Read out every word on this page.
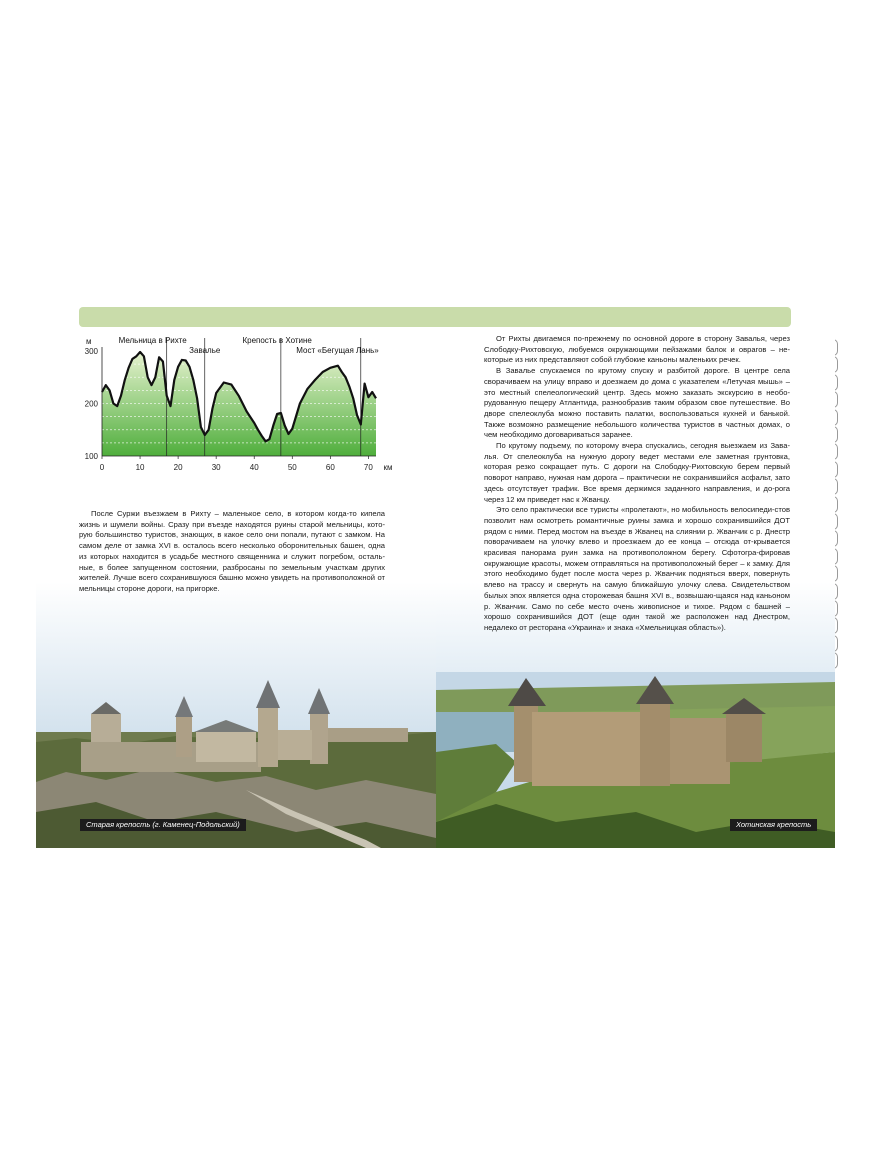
Старая крепость (г. Каменец-Подольский)	Хотинская крепость
100
200
300
м
0	10	20	30	40	50	60	70 км
Мельница в Рихте
Завалье
Крепость в Хотине
Мост «Бегущая Лань»

После Суржи въезжаем в Рихту – маленькое село, в котором когда-то кипела жизнь и шумели войны. Сразу при въезде находятся руины старой мельницы, кото-рую большинство туристов, знающих, в какое село они попали, путают с замком. На самом деле от замка XVI в. осталось всего несколько оборонительных башен, одна из которых находится в усадьбе местного священника и служит погребом, осталь-ные, в более запущенном состоянии, разбросаны по земельным участкам других жителей. Лучше всего сохранившуюся башню можно увидеть на противоположной от мельницы стороне дороги, на пригорке.

От Рихты двигаемся по-прежнему по основной дороге в сторону Завалья, через Слободку-Рихтовскую, любуемся окружающими пейзажами балок и оврагов – не-которые из них представляют собой глубокие каньоны маленьких речек.

В Завалье спускаемся по крутому спуску и разбитой дороге. В центре села сворачиваем на улицу вправо и доезжаем до дома с указателем «Летучая мышь» – это местный спелеологический центр. Здесь можно заказать экскурсию в необо-рудованную пещеру Атлантида, разнообразив таким образом свое путешествие. Во дворе спелеоклуба можно поставить палатки, воспользоваться кухней и банькой. Также возможно размещение небольшого количества туристов в частных домах, о чем необходимо договариваться заранее.

По крутому подъему, по которому вчера спускались, сегодня выезжаем из Зава-лья. От спелеоклуба на нужную дорогу ведет местами еле заметная грунтовка, которая резко сокращает путь. С дороги на Слободку-Рихтовскую берем первый поворот направо, нужная нам дорога – практически не сохранившийся асфальт, зато здесь отсутствует трафик. Все время держимся заданного направления, и до-рога через 12 км приведет нас к Жванцу.

Это село практически все туристы «пролетают», но мобильность велосипеди-стов позволит нам осмотреть романтичные руины замка и хорошо сохранившийся ДОТ рядом с ними. Перед мостом на въезде в Жванец на слиянии р. Жванчик с р. Днестр поворачиваем на улочку влево и проезжаем до ее конца – отсюда от-крывается красивая панорама руин замка на противоположном берегу. Сфотогра-фировав окружающие красоты, можем отправляться на противоположный берег – к замку. Для этого необходимо будет после моста через р. Жванчик подняться вверх, повернуть влево на трассу и свернуть на самую ближайшую улочку слева. Свидетельством былых эпох является одна сторожевая башня XVI в., возвышаю-щаяся над каньоном р. Жванчик. Само по себе место очень живописное и тихое. Рядом с башней – хорошо сохранившийся ДОТ (еще один такой же расположен над Днестром, недалеко от ресторана «Украина» и знака «Хмельницкая область»).
